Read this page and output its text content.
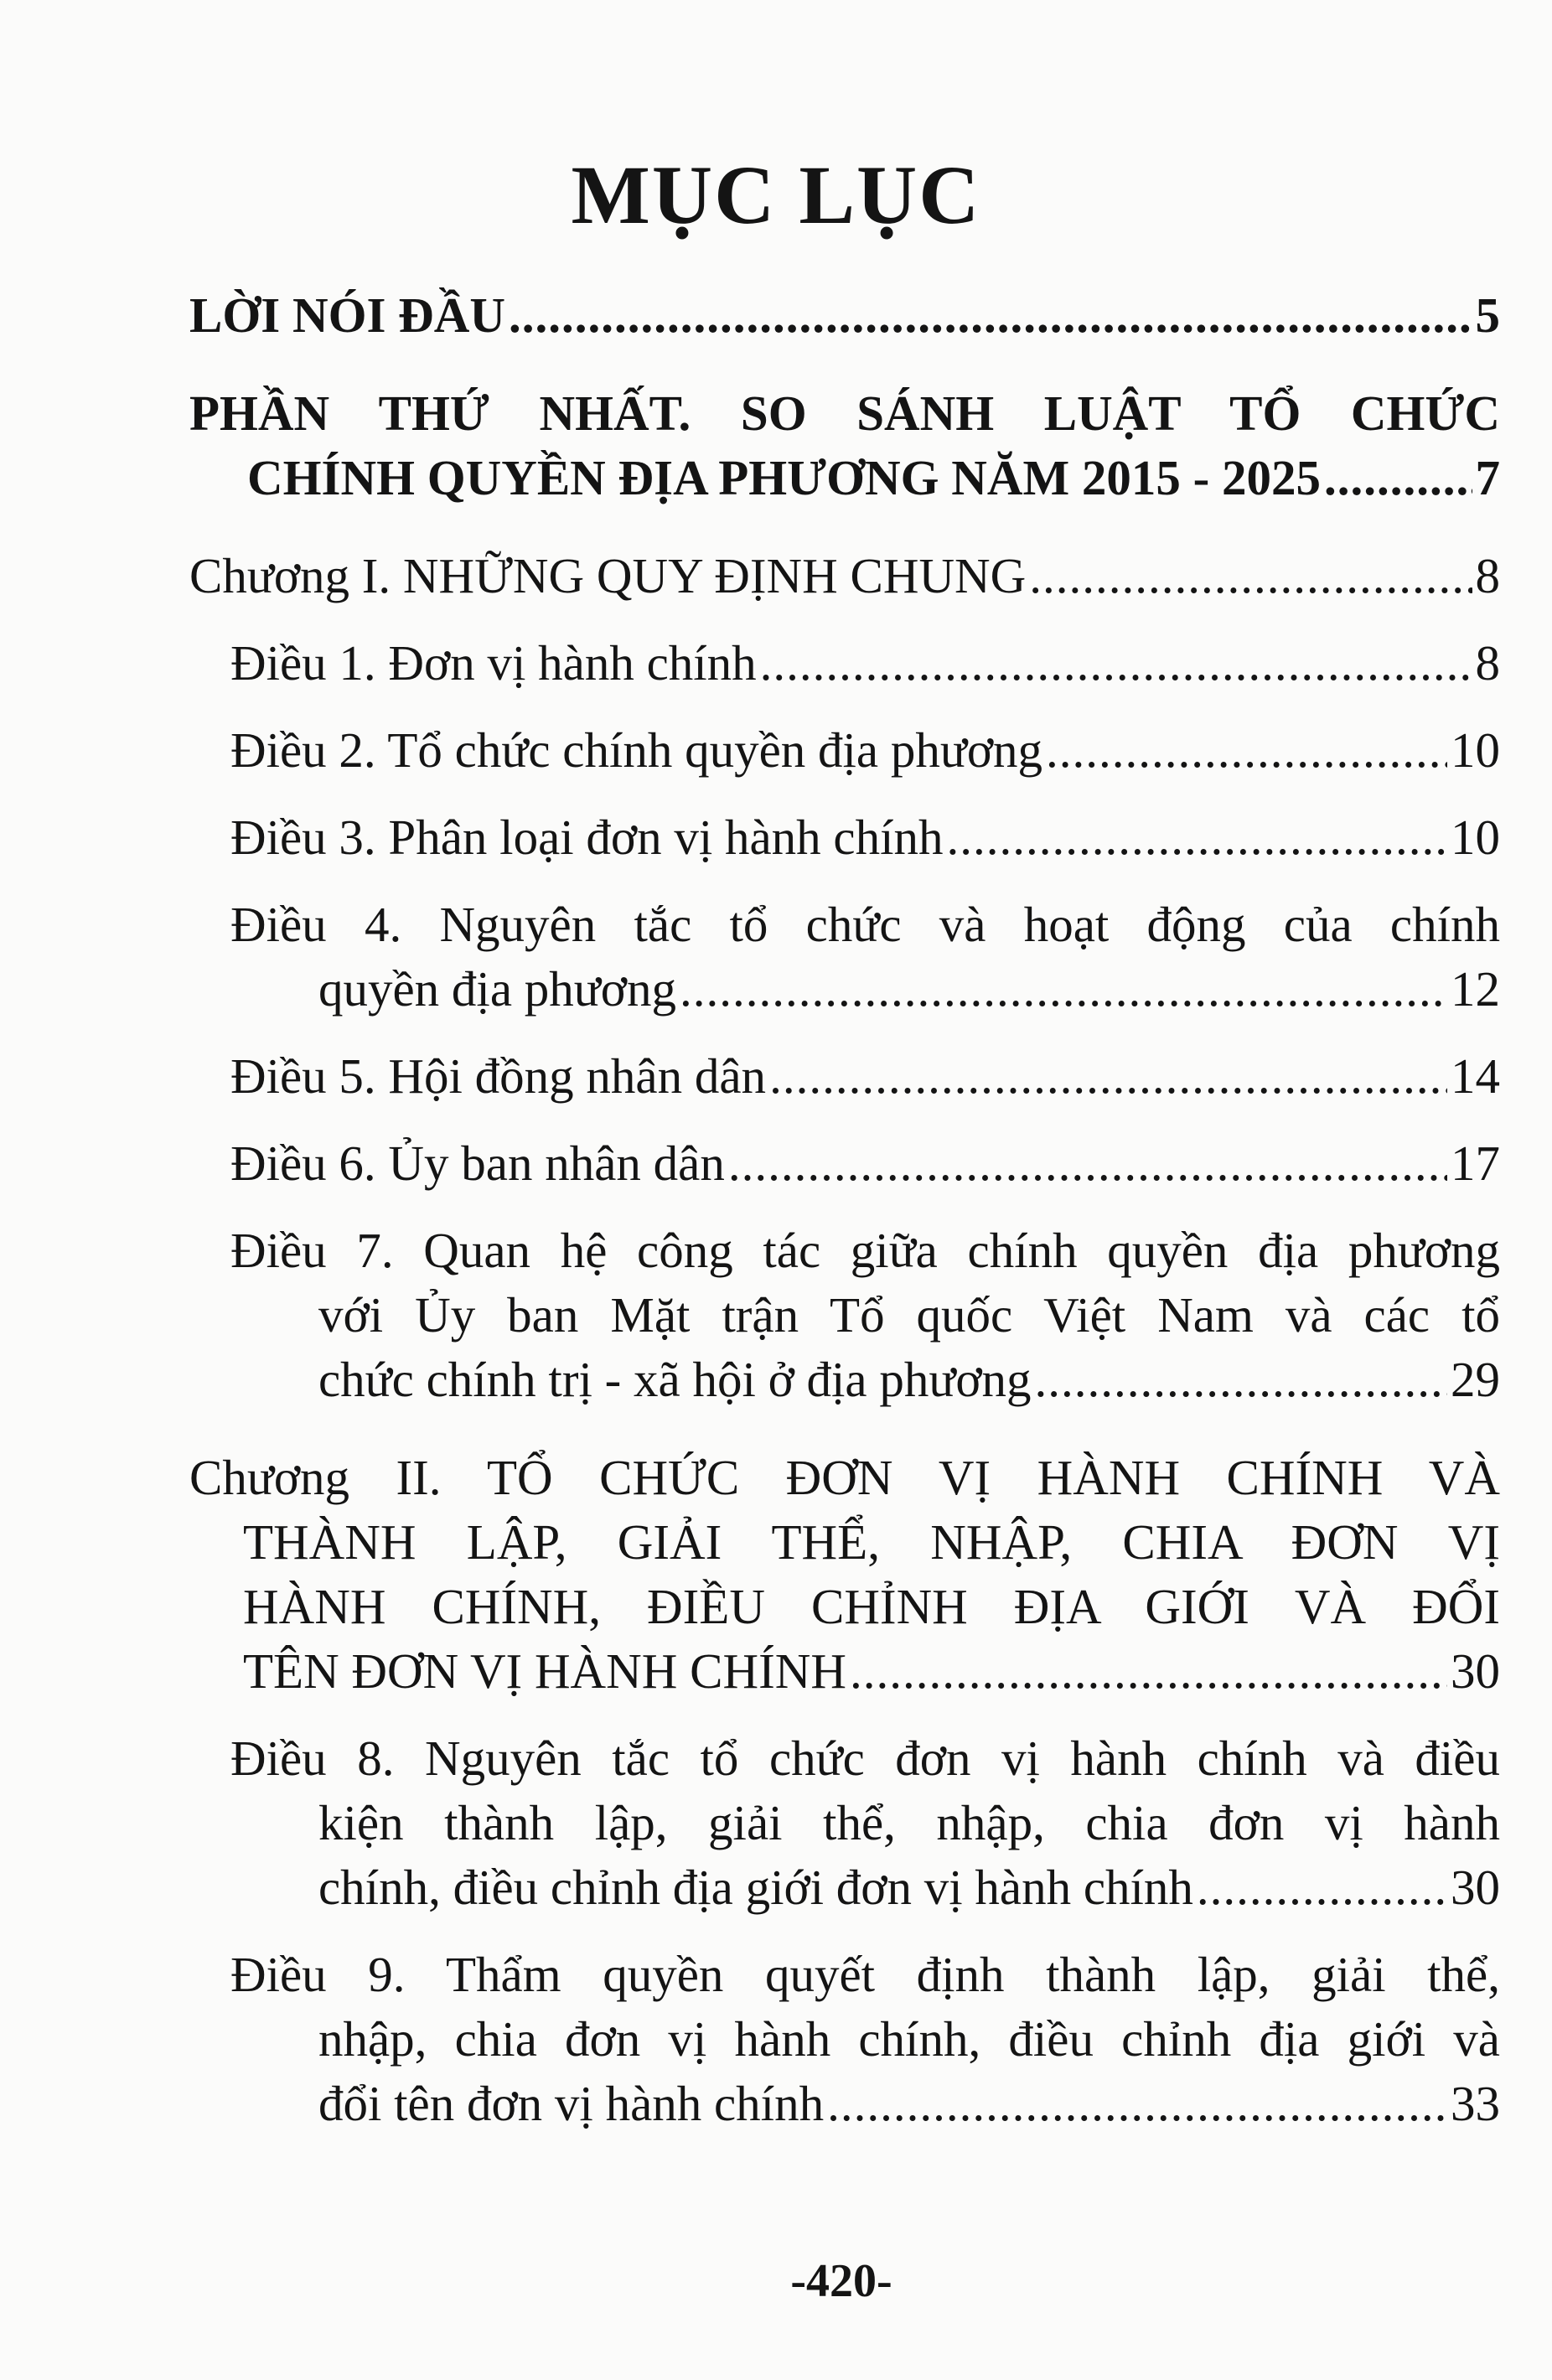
MỤC LỤC
LỜI NÓI ĐẦU .....	5
PHẦN THỨ NHẤT. SO SÁNH LUẬT TỔ CHỨC
CHÍNH QUYỀN ĐỊA PHƯƠNG NĂM 2015 - 2025 .....	7
Chương I. NHỮNG QUY ĐỊNH CHUNG .....	8
Điều 1. Đơn vị hành chính .....	8
Điều 2. Tổ chức chính quyền địa phương .....	10
Điều 3. Phân loại đơn vị hành chính .....	10
Điều 4. Nguyên tắc tổ chức và hoạt động của chính
quyền địa phương .....	12
Điều 5. Hội đồng nhân dân .....	14
Điều 6. Ủy ban nhân dân .....	17
Điều 7. Quan hệ công tác giữa chính quyền địa phương
với Ủy ban Mặt trận Tổ quốc Việt Nam và các tổ
chức chính trị - xã hội ở địa phương .....	29
Chương II. TỔ CHỨC ĐƠN VỊ HÀNH CHÍNH VÀ
THÀNH LẬP, GIẢI THỂ, NHẬP, CHIA ĐƠN VỊ
HÀNH CHÍNH, ĐIỀU CHỈNH ĐỊA GIỚI VÀ ĐỔI
TÊN ĐƠN VỊ HÀNH CHÍNH .....	30
Điều 8. Nguyên tắc tổ chức đơn vị hành chính và điều
kiện thành lập, giải thể, nhập, chia đơn vị hành
chính, điều chỉnh địa giới đơn vị hành chính .....	30
Điều 9. Thẩm quyền quyết định thành lập, giải thể,
nhập, chia đơn vị hành chính, điều chỉnh địa giới và
đổi tên đơn vị hành chính .....	33
-420-
